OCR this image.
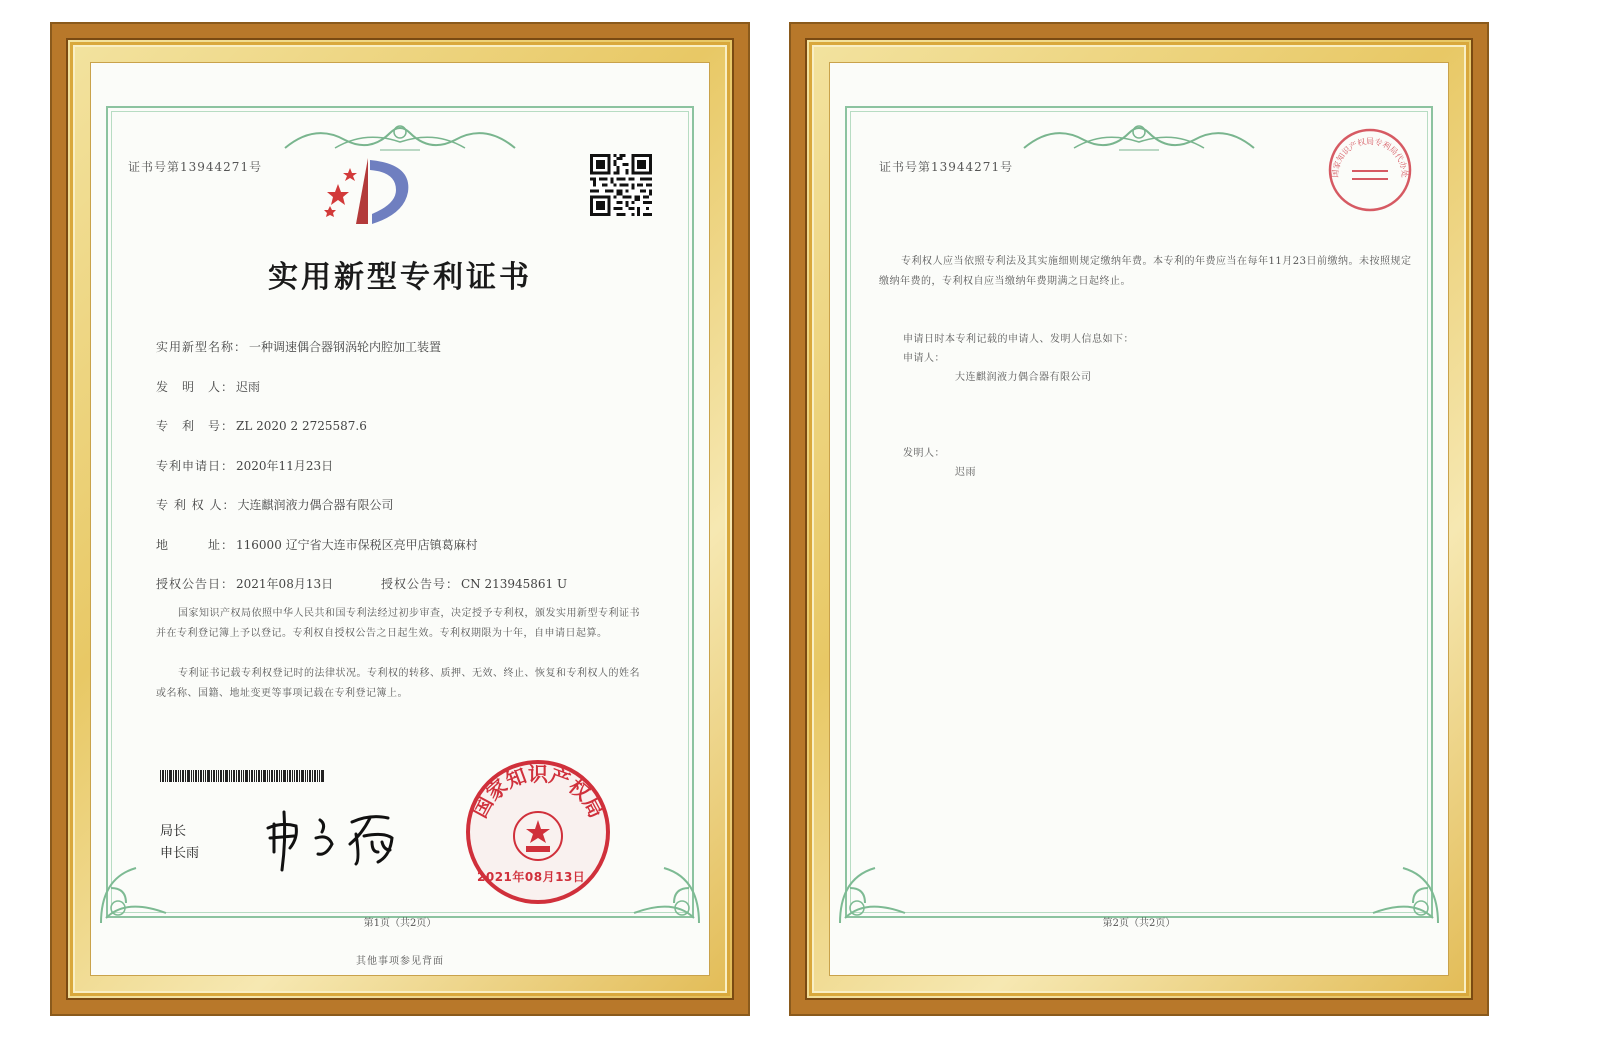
证书号第13944271号
实用新型专利证书
实用新型名称： 一种调速偶合器钢涡轮内腔加工装置
发　明　人： 迟雨
专　利　号： ZL 2020 2 2725587.6
专利申请日： 2020年11月23日
专 利 权 人： 大连麒润液力偶合器有限公司
地　　　址： 116000 辽宁省大连市保税区亮甲店镇葛麻村
授权公告日： 2021年08月13日	授权公告号： CN 213945861 U
国家知识产权局依照中华人民共和国专利法经过初步审查，决定授予专利权，颁发实用新型专利证书并在专利登记簿上予以登记。专利权自授权公告之日起生效。专利权期限为十年，自申请日起算。
专利证书记载专利权登记时的法律状况。专利权的转移、质押、无效、终止、恢复和专利权人的姓名或名称、国籍、地址变更等事项记载在专利登记簿上。
局长
申长雨
国家知识产权局
2021年08月13日
第1页（共2页）
其他事项参见背面
证书号第13944271号	国家知识产权局专利局代办处
专利权人应当依照专利法及其实施细则规定缴纳年费。本专利的年费应当在每年11月23日前缴纳。未按照规定缴纳年费的，专利权自应当缴纳年费期满之日起终止。
申请日时本专利记载的申请人、发明人信息如下：
申请人：
大连麒润液力偶合器有限公司
发明人：
迟雨
第2页（共2页）
